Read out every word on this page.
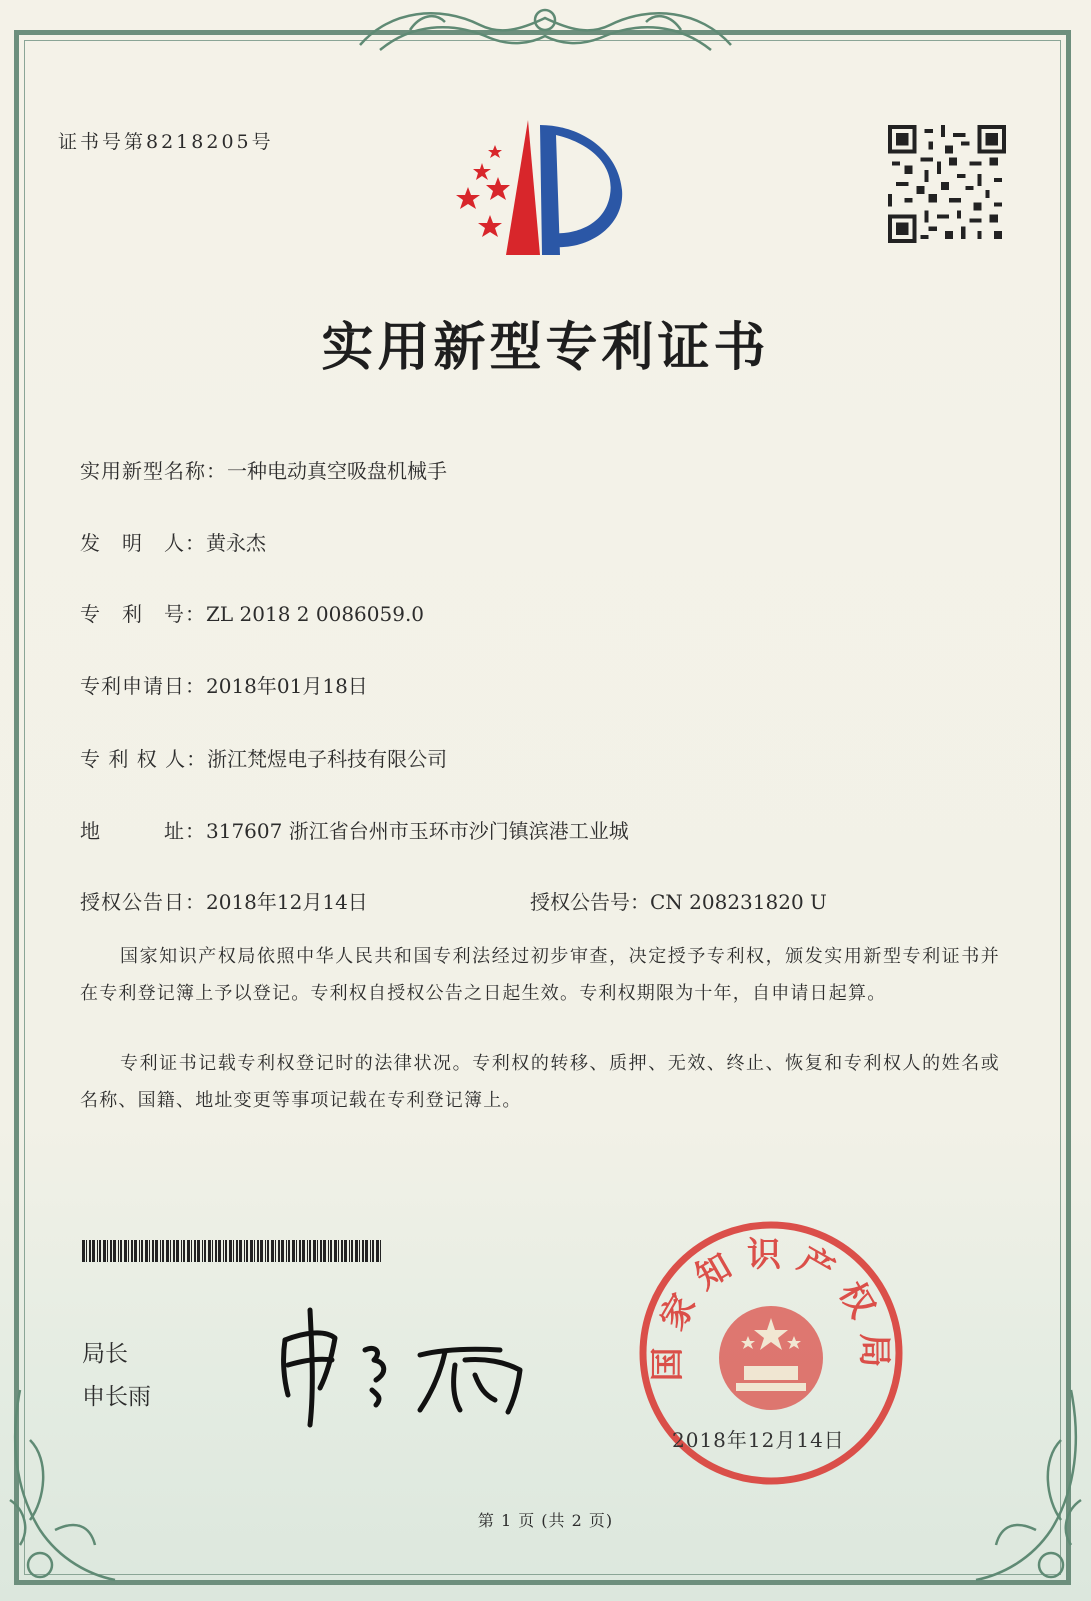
证书号第8218205号
实用新型专利证书
实用新型名称：一种电动真空吸盘机械手
发　明　人：黄永杰
专　利　号：ZL 2018 2 0086059.0
专利申请日：2018年01月18日
专 利 权 人：浙江梵煜电子科技有限公司
地　　　址：317607 浙江省台州市玉环市沙门镇滨港工业城
授权公告日：2018年12月14日	授权公告号：CN 208231820 U
国家知识产权局依照中华人民共和国专利法经过初步审查，决定授予专利权，颁发实用新型专利证书并在专利登记簿上予以登记。专利权自授权公告之日起生效。专利权期限为十年，自申请日起算。
专利证书记载专利权登记时的法律状况。专利权的转移、质押、无效、终止、恢复和专利权人的姓名或名称、国籍、地址变更等事项记载在专利登记簿上。
局长
申长雨
国家知识产权局
2018年12月14日
第 1 页 (共 2 页)
